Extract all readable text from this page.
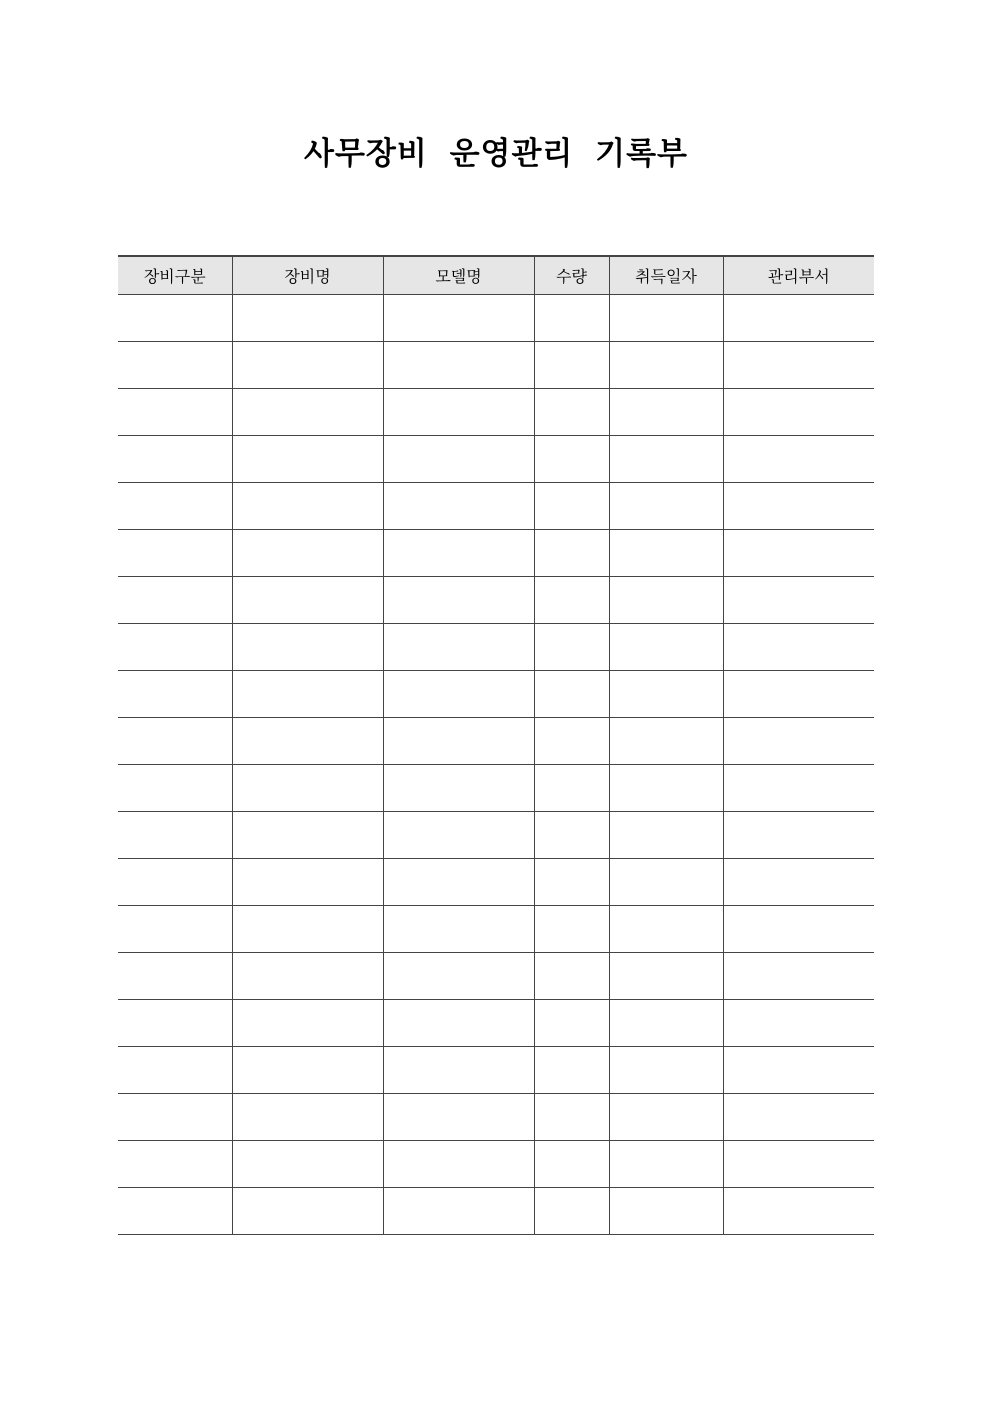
사무장비 운영관리 기록부
장비구분	장비명	모델명	수량	취득일자	관리부서
